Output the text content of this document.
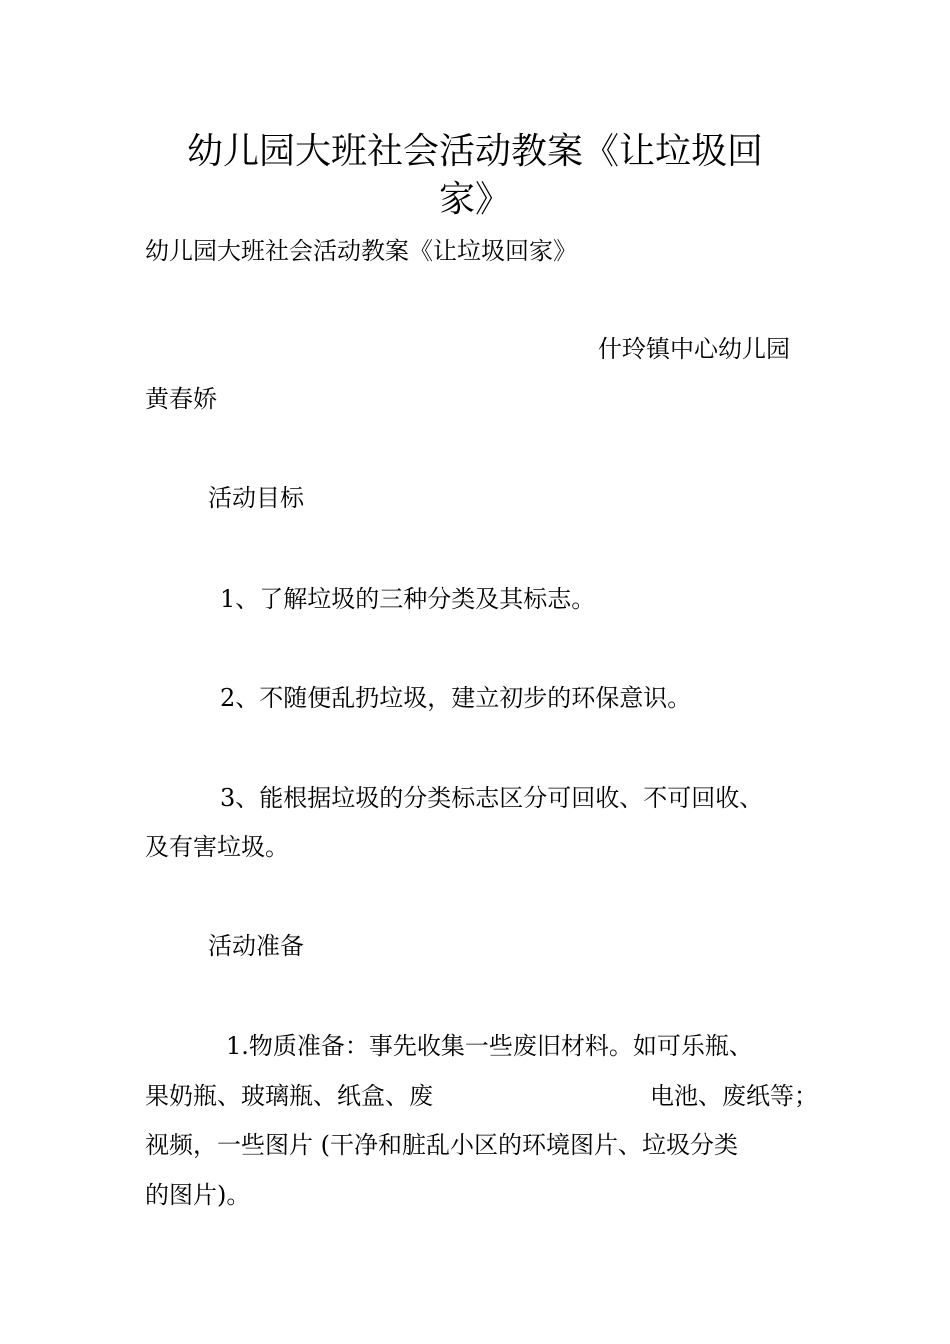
幼儿园大班社会活动教案《让垃圾回
家》

幼儿园大班社会活动教案《让垃圾回家》

什玲镇中心幼儿园

黄春娇

活动目标

1、了解垃圾的三种分类及其标志。

2、不随便乱扔垃圾，建立初步的环保意识。

3、能根据垃圾的分类标志区分可回收、不可回收、

及有害垃圾。

活动准备

1.物质准备：事先收集一些废旧材料。如可乐瓶、

果奶瓶、玻璃瓶、纸盒、废	电池、废纸等；

视频，一些图片 (干净和脏乱小区的环境图片、垃圾分类

的图片)。
